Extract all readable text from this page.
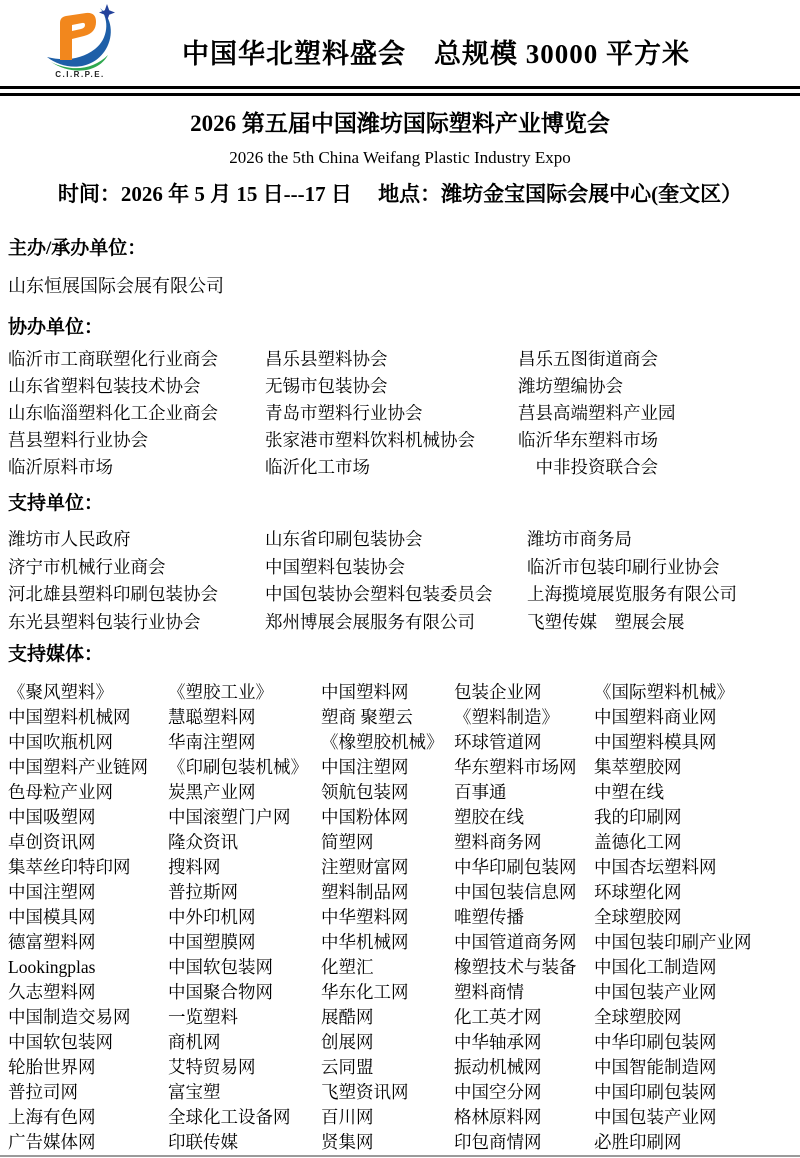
C.I.R.P.E.
中国华北塑料盛会　总规模 30000 平方米
2026 第五届中国潍坊国际塑料产业博览会
2026 the 5th China Weifang Plastic Industry Expo
时间：2026 年 5 月 15 日---17 日　 地点：潍坊金宝国际会展中心(奎文区）
主办/承办单位：
山东恒展国际会展有限公司
协办单位：
临沂市工商联塑化行业商会	昌乐县塑料协会	昌乐五图街道商会
山东省塑料包装技术协会	无锡市包装协会	潍坊塑编协会
山东临淄塑料化工企业商会	青岛市塑料行业协会	莒县高端塑料产业园
莒县塑料行业协会	张家港市塑料饮料机械协会	临沂华东塑料市场
临沂原料市场	临沂化工市场	　中非投资联合会
支持单位：
潍坊市人民政府	山东省印刷包装协会	潍坊市商务局
济宁市机械行业商会	中国塑料包装协会	临沂市包装印刷行业协会
河北雄县塑料印刷包装协会	中国包装协会塑料包装委员会	上海揽境展览服务有限公司
东光县塑料包装行业协会	郑州博展会展服务有限公司	飞塑传媒　塑展会展
支持媒体：
《聚风塑料》	《塑胶工业》	中国塑料网	包装企业网	《国际塑料机械》
中国塑料机械网	慧聪塑料网	塑商 聚塑云	《塑料制造》	中国塑料商业网
中国吹瓶机网	华南注塑网	《橡塑胶机械》 环球管道网	中国塑料模具网
中国塑料产业链网	《印刷包装机械》 中国注塑网	华东塑料市场网	集萃塑胶网
色母粒产业网	炭黑产业网	领航包装网	百事通	中塑在线
中国吸塑网	中国滚塑门户网	中国粉体网	塑胶在线	我的印刷网
卓创资讯网	隆众资讯	简塑网	塑料商务网	盖德化工网
集萃丝印特印网	搜料网	注塑财富网	中华印刷包装网	中国杏坛塑料网
中国注塑网	普拉斯网	塑料制品网	中国包装信息网	环球塑化网
中国模具网	中外印机网	中华塑料网	唯塑传播	全球塑胶网
德富塑料网	中国塑膜网	中华机械网	中国管道商务网	中国包装印刷产业网
Lookingplas	中国软包装网	化塑汇	橡塑技术与装备	中国化工制造网
久志塑料网	中国聚合物网	华东化工网	塑料商情	中国包装产业网
中国制造交易网	一览塑料	展酷网	化工英才网	全球塑胶网
中国软包装网	商机网	创展网	中华轴承网	中华印刷包装网
轮胎世界网	艾特贸易网	云同盟	振动机械网	中国智能制造网
普拉司网	富宝塑	飞塑资讯网	中国空分网	中国印刷包装网
上海有色网	全球化工设备网	百川网	格林原料网	中国包装产业网
广告媒体网	印联传媒	贤集网	印包商情网	必胜印刷网
